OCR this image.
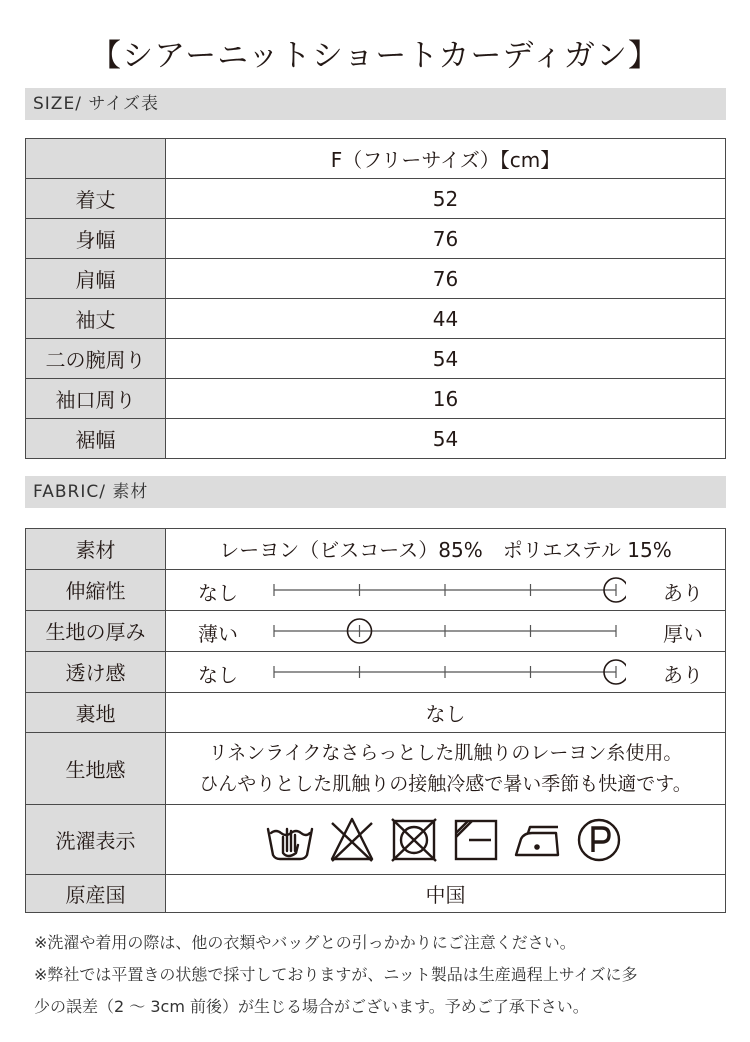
【シアーニットショートカーディガン】
SIZE/ サイズ表
	F（フリーサイズ）【cm】
着丈	52
身幅	76
肩幅	76
袖丈	44
二の腕周り	54
袖口周り	16
裾幅	54
FABRIC/ 素材
素材	レーヨン（ビスコース）85%　ポリエステル 15%
伸縮性	なし あり

生地の厚み	薄い 厚い

透け感	なし あり

裏地	なし
生地感	リネンライクなさらっとした肌触りのレーヨン糸使用。
ひんやりとした肌触りの接触冷感で暑い季節も快適です。

洗濯表示	

原産国	中国
※洗濯や着用の際は、他の衣類やバッグとの引っかかりにご注意ください。
※弊社では平置きの状態で採寸しておりますが、ニット製品は生産過程上サイズに多
少の誤差（2 ～ 3cm 前後）が生じる場合がございます。予めご了承下さい。
